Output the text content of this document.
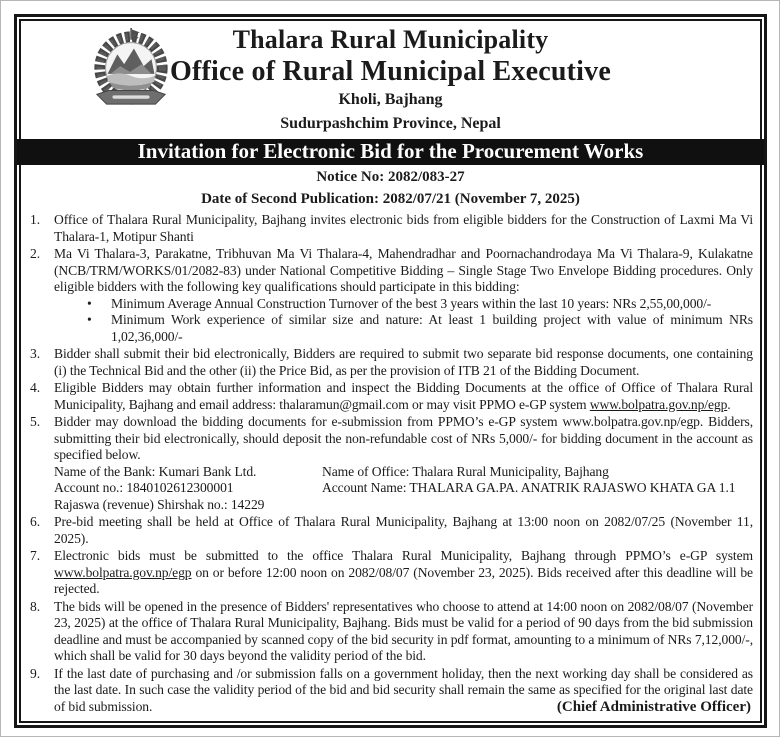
Thalara Rural Municipality
Office of Rural Municipal Executive
Kholi, Bajhang
Sudurpashchim Province, Nepal
Invitation for Electronic Bid for the Procurement Works
Notice No: 2082/083-27
Date of Second Publication: 2082/07/21 (November 7, 2025)
1.	Office of Thalara Rural Municipality, Bajhang invites electronic bids from eligible bidders for the Construction of Laxmi Ma Vi Thalara-1, Motipur Shanti
2.	Ma Vi Thalara-3, Parakatne, Tribhuvan Ma Vi Thalara-4, Mahendradhar and Poornachandrodaya Ma Vi Thalara-9, Kulakatne (NCB/TRM/WORKS/01/2082-83) under National Competitive Bidding – Single Stage Two Envelope Bidding procedures. Only eligible bidders with the following key qualifications should participate in this bidding:
•	Minimum Average Annual Construction Turnover of the best 3 years within the last 10 years: NRs 2,55,00,000/-
•	Minimum Work experience of similar size and nature: At least 1 building project with value of minimum NRs 1,02,36,000/-
3.	Bidder shall submit their bid electronically, Bidders are required to submit two separate bid response documents, one containing (i) the Technical Bid and the other (ii) the Price Bid, as per the provision of ITB 21 of the Bidding Document.
4.	Eligible Bidders may obtain further information and inspect the Bidding Documents at the office of Office of Thalara Rural Municipality, Bajhang and email address: thalaramun@gmail.com or may visit PPMO e-GP system www.bolpatra.gov.np/egp.
5.	Bidder may download the bidding documents for e-submission from PPMO’s e-GP system www.bolpatra.gov.np/egp. Bidders, submitting their bid electronically, should deposit the non-refundable cost of NRs 5,000/- for bidding document in the account as specified below.
Name of the Bank: Kumari Bank Ltd.	Name of Office: Thalara Rural Municipality, Bajhang
Account no.: 1840102612300001	Account Name: THALARA GA.PA. ANATRIK RAJASWO KHATA GA 1.1
Rajaswa (revenue) Shirshak no.: 14229
6.	Pre-bid meeting shall be held at Office of Thalara Rural Municipality, Bajhang at 13:00 noon on 2082/07/25 (November 11, 2025).
7.	Electronic bids must be submitted to the office Thalara Rural Municipality, Bajhang through PPMO’s e-GP system www.bolpatra.gov.np/egp on or before 12:00 noon on 2082/08/07 (November 23, 2025). Bids received after this deadline will be rejected.
8.	The bids will be opened in the presence of Bidders' representatives who choose to attend at 14:00 noon on 2082/08/07 (November 23, 2025) at the office of Thalara Rural Municipality, Bajhang. Bids must be valid for a period of 90 days from the bid submission deadline and must be accompanied by scanned copy of the bid security in pdf format, amounting to a minimum of NRs 7,12,000/-, which shall be valid for 30 days beyond the validity period of the bid.
9.	If the last date of purchasing and /or submission falls on a government holiday, then the next working day shall be considered as the last date. In such case the validity period of the bid and bid security shall remain the same as specified for the original last date of bid submission.	(Chief Administrative Officer)
